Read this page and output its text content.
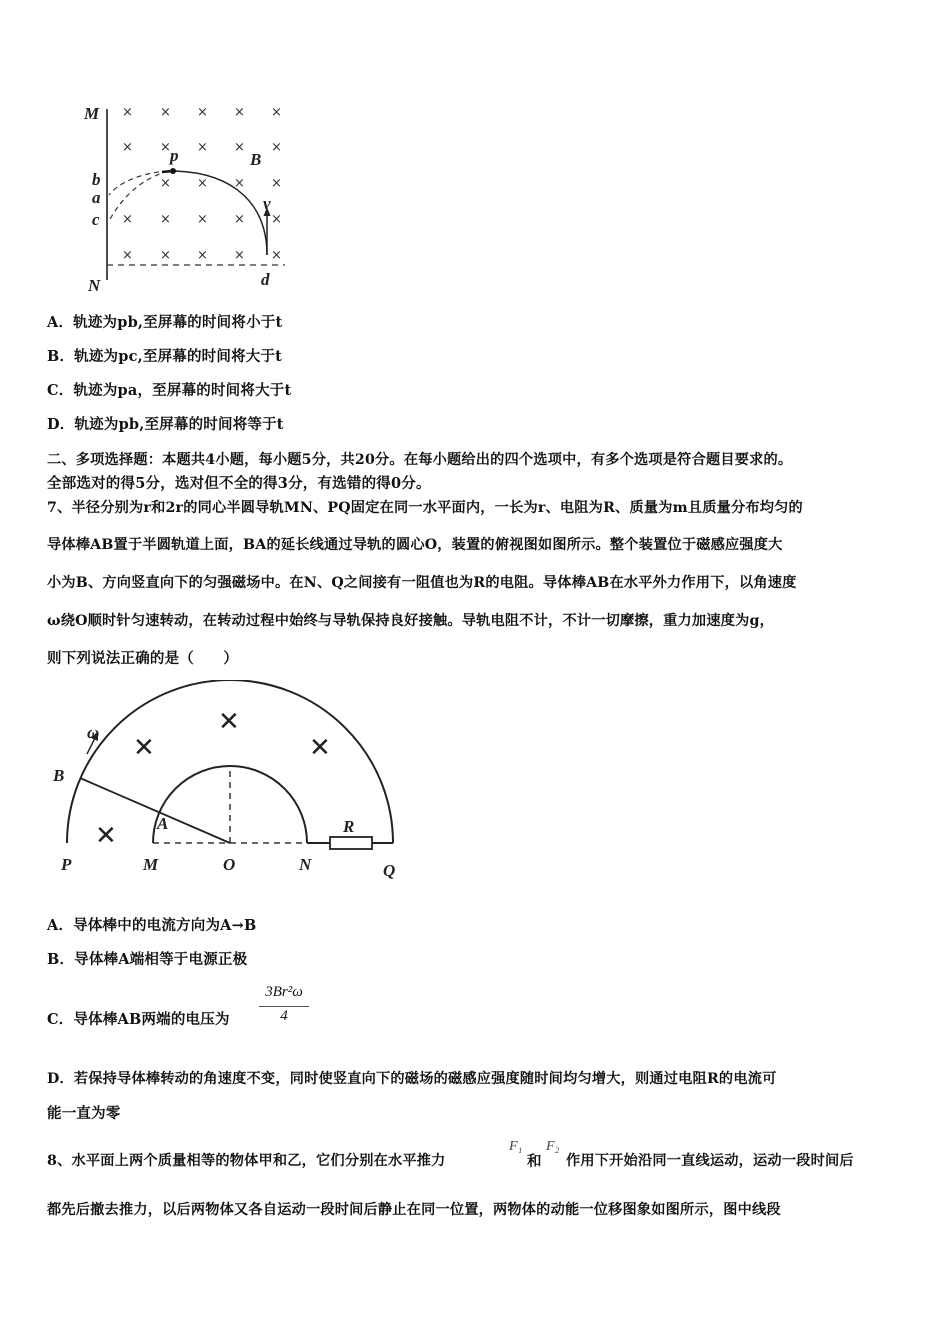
× × × × ×
× × × × ×
× × × ×
× × × × ×
× × × × ×
M
b
a
c
N
p	B
v
d
A．轨迹为pb,至屏幕的时间将小于t
B．轨迹为pc,至屏幕的时间将大于t
C．轨迹为pa，至屏幕的时间将大于t
D．轨迹为pb,至屏幕的时间将等于t
二、多项选择题：本题共4小题，每小题5分，共20分。在每小题给出的四个选项中，有多个选项是符合题目要求的。
全部选对的得5分，选对但不全的得3分，有选错的得0分。
7、半径分别为r和2r的同心半圆导轨MN、PQ固定在同一水平面内，一长为r、电阻为R、质量为m且质量分布均匀的
导体棒AB置于半圆轨道上面，BA的延长线通过导轨的圆心O，装置的俯视图如图所示。整个装置位于磁感应强度大
小为B、方向竖直向下的匀强磁场中。在N、Q之间接有一阻值也为R的电阻。导体棒AB在水平外力作用下，以角速度
ω绕O顺时针匀速转动，在转动过程中始终与导轨保持良好接触。导轨电阻不计，不计一切摩擦，重力加速度为g，
则下列说法正确的是（　　）
✕
✕	✕
✕
ω
B
A
P	M	O	N	Q
R
A．导体棒中的电流方向为A→B
B．导体棒A端相等于电源正极
C．导体棒AB两端的电压为
3Br²ω
4
D．若保持导体棒转动的角速度不变，同时使竖直向下的磁场的磁感应强度随时间均匀增大，则通过电阻R的电流可
能一直为零
8、水平面上两个质量相等的物体甲和乙，它们分别在水平推力
F₁
和
F₂
作用下开始沿同一直线运动，运动一段时间后
都先后撤去推力，以后两物体又各自运动一段时间后静止在同一位置，两物体的动能一位移图象如图所示，图中线段
